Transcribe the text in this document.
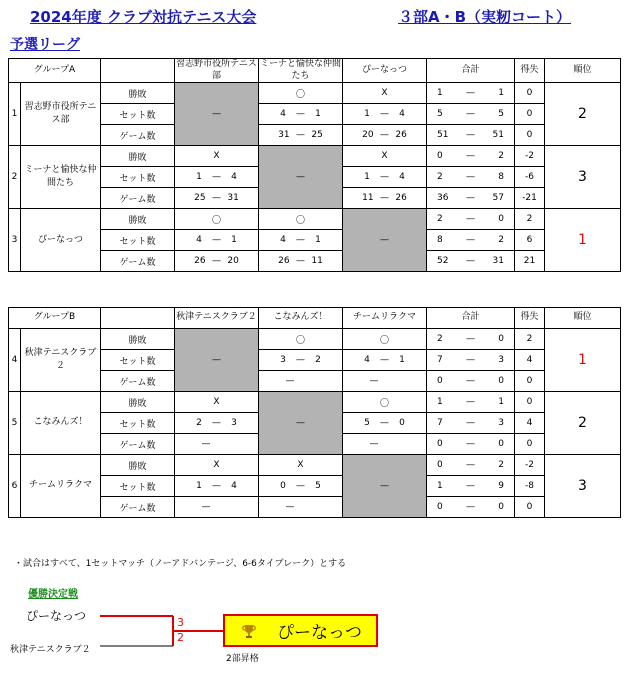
2024年度 クラブ対抗テニス大会	３部A・B（実籾コート）
予選リーグ
グループA			習志野市役所テニス部	ミーナと愉快な仲間たち	ぴーなっつ	合計	得失	順位
1	習志野市役所テニス部	勝敗	—	〇	X	1 — 1	0	2
		セット数		4 — 1	1 — 4	5 — 5	0	
		ゲーム数		31 — 25	20 — 26	51 — 51	0	
2	ミーナと愉快な仲間たち	勝敗	X	—	X	0 — 2	-2	3
		セット数	1 — 4		1 — 4	2 — 8	-6	
		ゲーム数	25 — 31		11 — 26	36 — 57	-21	
3	ぴーなっつ	勝敗	〇	〇	—	2 — 0	2	1
		セット数	4 — 1	4 — 1		8 — 2	6	
		ゲーム数	26 — 20	26 — 11		52 — 31	21	
グループB			秋津テニスクラブ２	こなみんズ！	チームリラクマ	合計	得失	順位
4	秋津テニスクラブ２	勝敗	—	〇	〇	2 — 0	2	1
		セット数		3 — 2	4 — 1	7 — 3	4	
		ゲーム数		—	—	0 — 0	0	
5	こなみんズ！	勝敗	X	—	〇	1 — 1	0	2
		セット数	2 — 3		5 — 0	7 — 3	4	
		ゲーム数	—		—	0 — 0	0	
6	チームリラクマ	勝敗	X	X	—	0 — 2	-2	3
		セット数	1 — 4	0 — 5		1 — 9	-8	
		ゲーム数	—	—		0 — 0	0	
・試合はすべて、1セットマッチ（ノーアドバンテージ、6-6タイブレーク）とする
優勝決定戦
ぴーなっつ
秋津テニスクラブ２
3
2	ぴーなっつ
2部昇格
